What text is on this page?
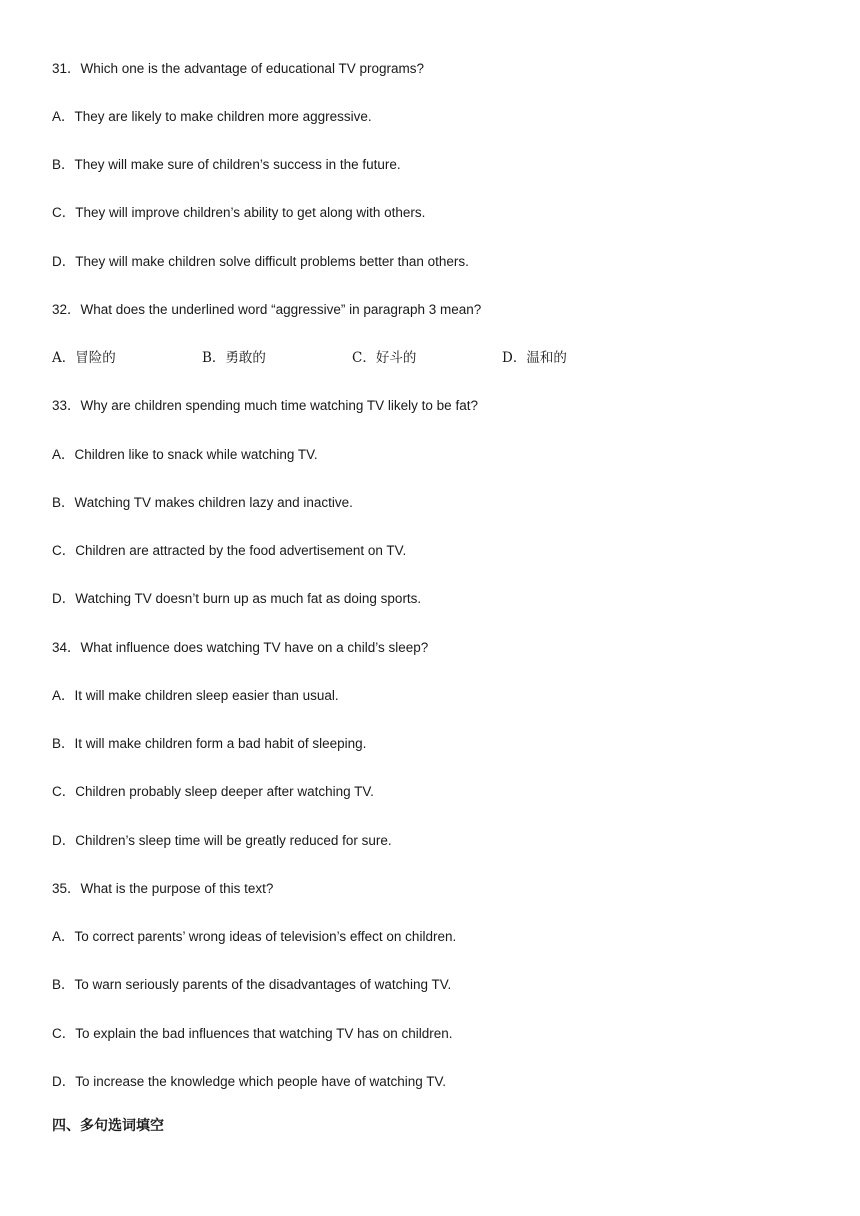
31．Which one is the advantage of educational TV programs?
A．They are likely to make children more aggressive.
B．They will make sure of children’s success in the future.
C．They will improve children’s ability to get along with others.
D．They will make children solve difficult problems better than others.
32．What does the underlined word “aggressive” in paragraph 3 mean?
A．冒险的	B．勇敢的	C．好斗的	D．温和的
33．Why are children spending much time watching TV likely to be fat?
A．Children like to snack while watching TV.
B．Watching TV makes children lazy and inactive.
C．Children are attracted by the food advertisement on TV.
D．Watching TV doesn’t burn up as much fat as doing sports.
34．What influence does watching TV have on a child’s sleep?
A．It will make children sleep easier than usual.
B．It will make children form a bad habit of sleeping.
C．Children probably sleep deeper after watching TV.
D．Children’s sleep time will be greatly reduced for sure.
35．What is the purpose of this text?
A．To correct parents’ wrong ideas of television’s effect on children.
B．To warn seriously parents of the disadvantages of watching TV.
C．To explain the bad influences that watching TV has on children.
D．To increase the knowledge which people have of watching TV.
四、多句选词填空
